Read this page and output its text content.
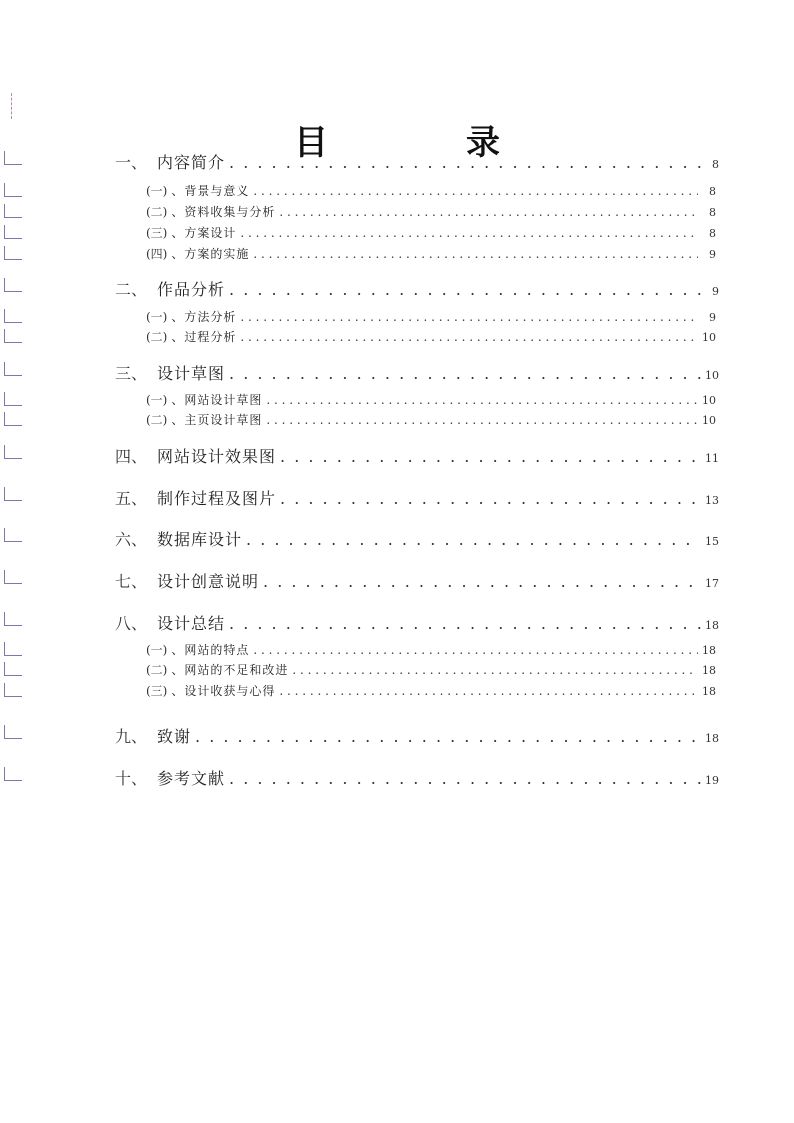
目　录
一、 内容简介 . . .	8
(一) 、背景与意义 . . .	8
(二) 、资料收集与分析 . . .	8
(三) 、方案设计 . . .	8
(四) 、方案的实施 . . .	9
二、 作品分析 . . .	9
(一) 、方法分析 . . .	9
(二) 、过程分析 . . .	10
三、 设计草图 . . .	10
(一) 、网站设计草图 . . .	10
(二) 、主页设计草图 . . .	10
四、 网站设计效果图 . . .	11
五、 制作过程及图片 . . .	13
六、 数据库设计 . . .	15
七、 设计创意说明 . . .	17
八、 设计总结 . . .	18
(一) 、网站的特点 . . .	18
(二) 、网站的不足和改进 . . .	18
(三) 、设计收获与心得 . . .	18
九、 致谢 . . .	18
十、 参考文献 . . .	19
